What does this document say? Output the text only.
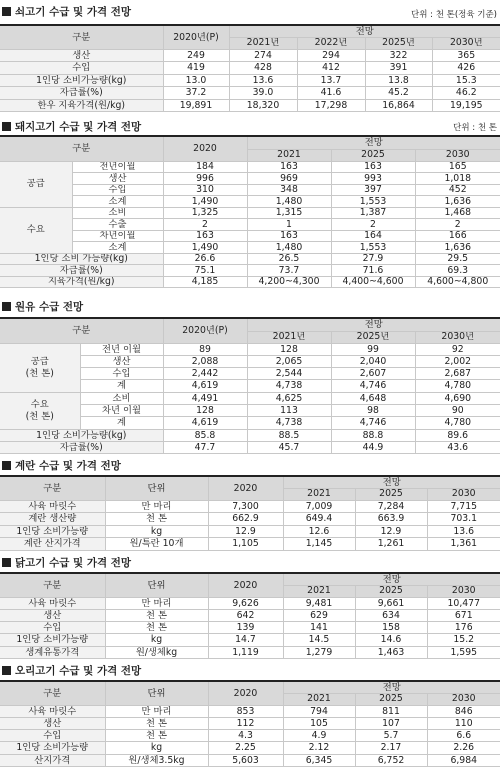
쇠고기 수급 및 가격 전망	단위 : 천 톤(정육 기준)
구분	2020년(P)	전망			
		2021년	2022년	2025년	2030년
생산	249	274	294	322	365
수입	419	428	412	391	426
1인당 소비가능량(kg)	13.0	13.6	13.7	13.8	15.3
자급률(%)	37.2	39.0	41.6	45.2	46.2
한우 지육가격(원/kg)	19,891	18,320	17,298	16,864	19,195
돼지고기 수급 및 가격 전망	단위 : 천 톤
구분		2020	전망		
			2021	2025	2030

공급	전년이월	184	163	163	165
	생산	996	969	993	1,018
	수입	310	348	397	452
	소계	1,490	1,480	1,553	1,636

수요	소비	1,325	1,315	1,387	1,468
	수출	2	1	2	2
	차년이월	163	163	164	166
	소계	1,490	1,480	1,553	1,636
1인당 소비 가능량(kg)		26.6	26.5	27.9	29.5
자급률(%)		75.1	73.7	71.6	69.3
지육가격(원/kg)		4,185	4,200~4,300	4,400~4,600	4,600~4,800
원유 수급 전망
구분		2020년(P)	전망		
			2021년	2025년	2030년

공급
(천 톤)	전년 이월	89	128	99	92
	생산	2,088	2,065	2,040	2,002
	수입	2,442	2,544	2,607	2,687
	계	4,619	4,738	4,746	4,780

수요
(천 톤)	소비	4,491	4,625	4,648	4,690
	차년 이월	128	113	98	90
	계	4,619	4,738	4,746	4,780
1인당 소비가능량(kg)		85.8	88.5	88.8	89.6
자급률(%)		47.7	45.7	44.9	43.6
계란 수급 및 가격 전망
구분	단위	2020	전망		
			2021	2025	2030
사육 마릿수	만 마리	7,300	7,009	7,284	7,715
계란 생산량	천 톤	662.9	649.4	663.9	703.1
1인당 소비가능량	kg	12.9	12.6	12.9	13.6
계란 산지가격	원/특란 10개	1,105	1,145	1,261	1,361
닭고기 수급 및 가격 전망
구분	단위	2020	전망		
			2021	2025	2030
사육 마릿수	만 마리	9,626	9,481	9,661	10,477
생산	천 톤	642	629	634	671
수입	천 톤	139	141	158	176
1인당 소비가능량	kg	14.7	14.5	14.6	15.2
생계유통가격	원/생체kg	1,119	1,279	1,463	1,595
오리고기 수급 및 가격 전망
구분	단위	2020	전망		
			2021	2025	2030
사육 마릿수	만 마리	853	794	811	846
생산	천 톤	112	105	107	110
수입	천 톤	4.3	4.9	5.7	6.6
1인당 소비가능량	kg	2.25	2.12	2.17	2.26
산지가격	원/생체3.5kg	5,603	6,345	6,752	6,984
